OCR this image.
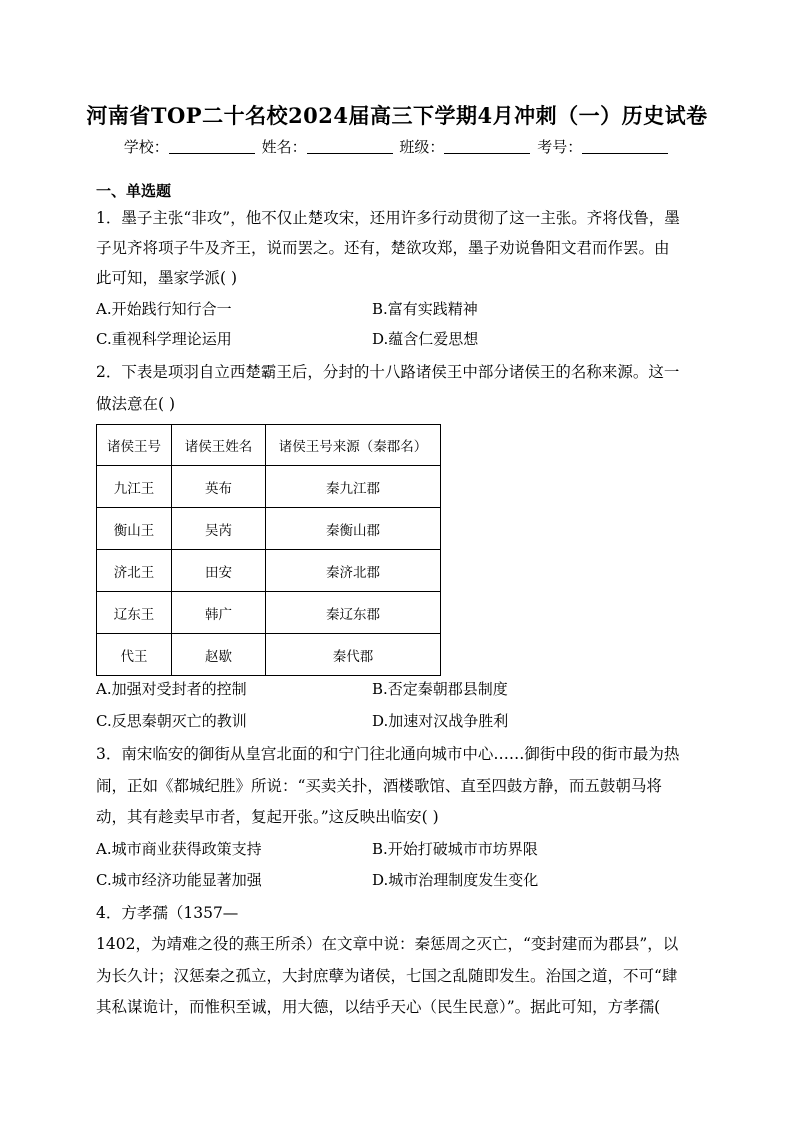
河南省TOP二十名校2024届高三下学期4月冲刺（一）历史试卷
学校：	姓名：	班级：	考号：
一、单选题
1．墨子主张“非攻”，他不仅止楚攻宋，还用许多行动贯彻了这一主张。齐将伐鲁，墨
子见齐将项子牛及齐王，说而罢之。还有，楚欲攻郑，墨子劝说鲁阳文君而作罢。由
此可知，墨家学派( )
A.开始践行知行合一	B.富有实践精神
C.重视科学理论运用	D.蕴含仁爱思想
2．下表是项羽自立西楚霸王后，分封的十八路诸侯王中部分诸侯王的名称来源。这一
做法意在( )
诸侯王号	诸侯王姓名	诸侯王号来源（秦郡名）
九江王	英布	秦九江郡
衡山王	吴芮	秦衡山郡
济北王	田安	秦济北郡
辽东王	韩广	秦辽东郡
代王	赵歇	秦代郡
A.加强对受封者的控制	B.否定秦朝郡县制度
C.反思秦朝灭亡的教训	D.加速对汉战争胜利
3．南宋临安的御街从皇宫北面的和宁门往北通向城市中心……御街中段的街市最为热
闹，正如《都城纪胜》所说：“买卖关扑，酒楼歌馆、直至四鼓方静，而五鼓朝马将
动，其有趁卖早市者，复起开张。”这反映出临安( )
A.城市商业获得政策支持	B.开始打破城市市坊界限
C.城市经济功能显著加强	D.城市治理制度发生变化
4．方孝孺（1357—
1402，为靖难之役的燕王所杀）在文章中说：秦惩周之灭亡，“变封建而为郡县”，以
为长久计；汉惩秦之孤立，大封庶孽为诸侯，七国之乱随即发生。治国之道，不可“肆
其私谋诡计，而惟积至诚，用大德，以结乎天心（民生民意）”。据此可知，方孝孺(
